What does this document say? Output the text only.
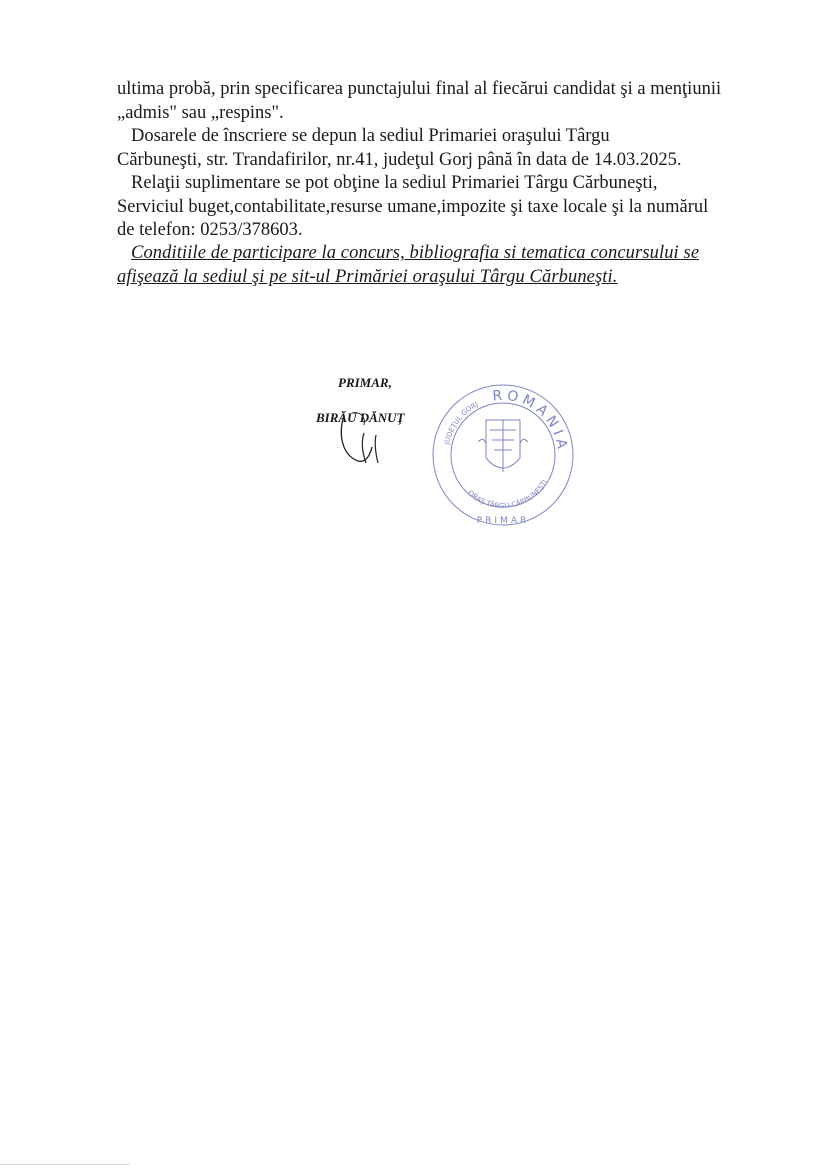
ultima probă, prin specificarea punctajului final al fiecărui candidat şi a menţiunii
„admis" sau „respins".

Dosarele de înscriere se depun la sediul Primariei oraşului Târgu
Cărbuneşti, str. Trandafirilor, nr.41, judeţul Gorj până în data de 14.03.2025.

Relaţii suplimentare se pot obţine la sediul Primariei Târgu Cărbuneşti,
Serviciul buget,contabilitate,resurse umane,impozite şi taxe locale şi la numărul
de telefon: 0253/378603.

Conditiile de participare la concurs, bibliografia si tematica concursului se
afişează la sediul şi pe sit-ul Primăriei oraşului Târgu Cărbuneşti.

PRIMAR,
BIRĂU DĂNUŢ
ROMANIA
JUDEŢUL GORJ
ORAŞ TÂRGU-CĂRBUNEŞTI
PRIMAR
